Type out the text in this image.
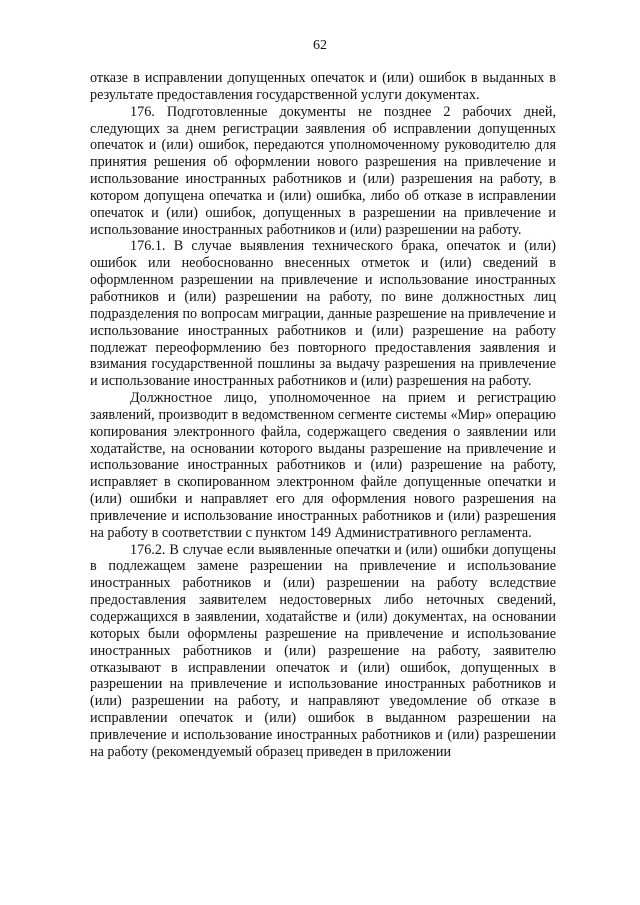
62

отказе в исправлении допущенных опечаток и (или) ошибок в выданных в результате предоставления государственной услуги документах.

176. Подготовленные документы не позднее 2 рабочих дней, следующих за днем регистрации заявления об исправлении допущенных опечаток и (или) ошибок, передаются уполномоченному руководителю для принятия решения об оформлении нового разрешения на привлечение и использование иностранных работников и (или) разрешения на работу, в котором допущена опечатка и (или) ошибка, либо об отказе в исправлении опечаток и (или) ошибок, допущенных в разрешении на привлечение и использование иностранных работников и (или) разрешении на работу.

176.1. В случае выявления технического брака, опечаток и (или) ошибок или необоснованно внесенных отметок и (или) сведений в оформленном разрешении на привлечение и использование иностранных работников и (или) разрешении на работу, по вине должностных лиц подразделения по вопросам миграции, данные разрешение на привлечение и использование иностранных работников и (или) разрешение на работу подлежат переоформлению без повторного предоставления заявления и взимания государственной пошлины за выдачу разрешения на привлечение и использование иностранных работников и (или) разрешения на работу.

Должностное лицо, уполномоченное на прием и регистрацию заявлений, производит в ведомственном сегменте системы «Мир» операцию копирования электронного файла, содержащего сведения о заявлении или ходатайстве, на основании которого выданы разрешение на привлечение и использование иностранных работников и (или) разрешение на работу, исправляет в скопированном электронном файле допущенные опечатки и (или) ошибки и направляет его для оформления нового разрешения на привлечение и использование иностранных работников и (или) разрешения на работу в соответствии с пунктом 149 Административного регламента.

176.2. В случае если выявленные опечатки и (или) ошибки допущены в подлежащем замене разрешении на привлечение и использование иностранных работников и (или) разрешении на работу вследствие предоставления заявителем недостоверных либо неточных сведений, содержащихся в заявлении, ходатайстве и (или) документах, на основании которых были оформлены разрешение на привлечение и использование иностранных работников и (или) разрешение на работу, заявителю отказывают в исправлении опечаток и (или) ошибок, допущенных в разрешении на привлечение и использование иностранных работников и (или) разрешении на работу, и направляют уведомление об отказе в исправлении опечаток и (или) ошибок в выданном разрешении на привлечение и использование иностранных работников и (или) разрешении на работу (рекомендуемый образец приведен в приложении
